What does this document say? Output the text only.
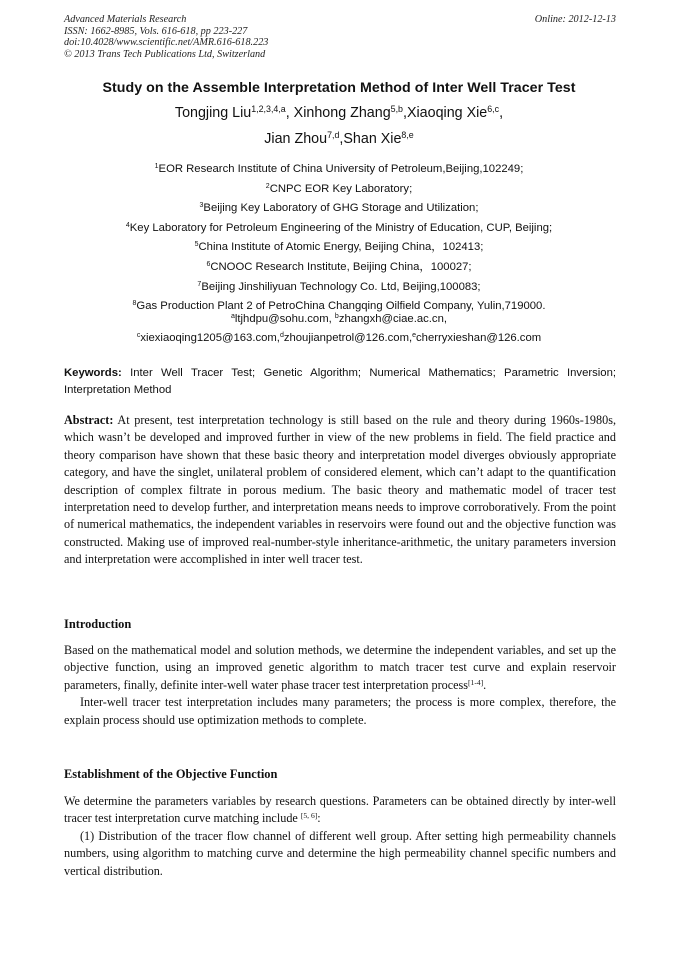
Advanced Materials Research
ISSN: 1662-8985, Vols. 616-618, pp 223-227
doi:10.4028/www.scientific.net/AMR.616-618.223
© 2013 Trans Tech Publications Ltd, Switzerland
Online: 2012-12-13
Study on the Assemble Interpretation Method of Inter Well Tracer Test
Tongjing Liu$^{1,2,3,4,a}$, Xinhong Zhang$^{5,b}$,Xiaoqing Xie$^{6,c}$,
Jian Zhou$^{7,d}$,Shan Xie$^{8,e}$
$^1$EOR Research Institute of China University of Petroleum,Beijing,102249;
$^2$CNPC EOR Key Laboratory;
$^3$Beijing Key Laboratory of GHG Storage and Utilization;
$^4$Key Laboratory for Petroleum Engineering of the Ministry of Education, CUP, Beijing;
$^5$China Institute of Atomic Energy, Beijing China，102413;
$^6$CNOOC Research Institute, Beijing China，100027;
$^7$Beijing Jinshiliyuan Technology Co. Ltd, Beijing,100083;
$^8$Gas Production Plant 2 of PetroChina Changqing Oilfield Company, Yulin,719000.
$^a$ltjhdpu@sohu.com, $^b$zhangxh@ciae.ac.cn,
$^c$xiexiaoqing1205@163.com,$^d$zhoujianpetrol@126.com,$^e$cherryxieshan@126.com
Keywords: Inter Well Tracer Test; Genetic Algorithm; Numerical Mathematics; Parametric Inversion; Interpretation Method
Abstract: At present, test interpretation technology is still based on the rule and theory during 1960s-1980s, which wasn’t be developed and improved further in view of the new problems in field. The field practice and theory comparison have shown that these basic theory and interpretation model diverges obviously appropriate category, and have the singlet, unilateral problem of considered element, which can’t adapt to the quantification description of complex filtrate in porous medium. The basic theory and mathematic model of tracer test interpretation need to develop further, and interpretation means needs to improve corroboratively. From the point of numerical mathematics, the independent variables in reservoirs were found out and the objective function was constructed. Making use of improved real-number-style inheritance-arithmetic, the unitary parameters inversion and interpretation were accomplished in inter well tracer test.
Introduction

Based on the mathematical model and solution methods, we determine the independent variables, and set up the objective function, using an improved genetic algorithm to match tracer test curve and explain reservoir parameters, finally, definite inter-well water phase tracer test interpretation process[1-4].

Inter-well tracer test interpretation includes many parameters; the process is more complex, therefore, the explain process should use optimization methods to complete.

Establishment of the Objective Function

We determine the parameters variables by research questions. Parameters can be obtained directly by inter-well tracer test interpretation curve matching include [5, 6]:

(1) Distribution of the tracer flow channel of different well group. After setting high permeability channels numbers, using algorithm to matching curve and determine the high permeability channel specific numbers and vertical distribution.
